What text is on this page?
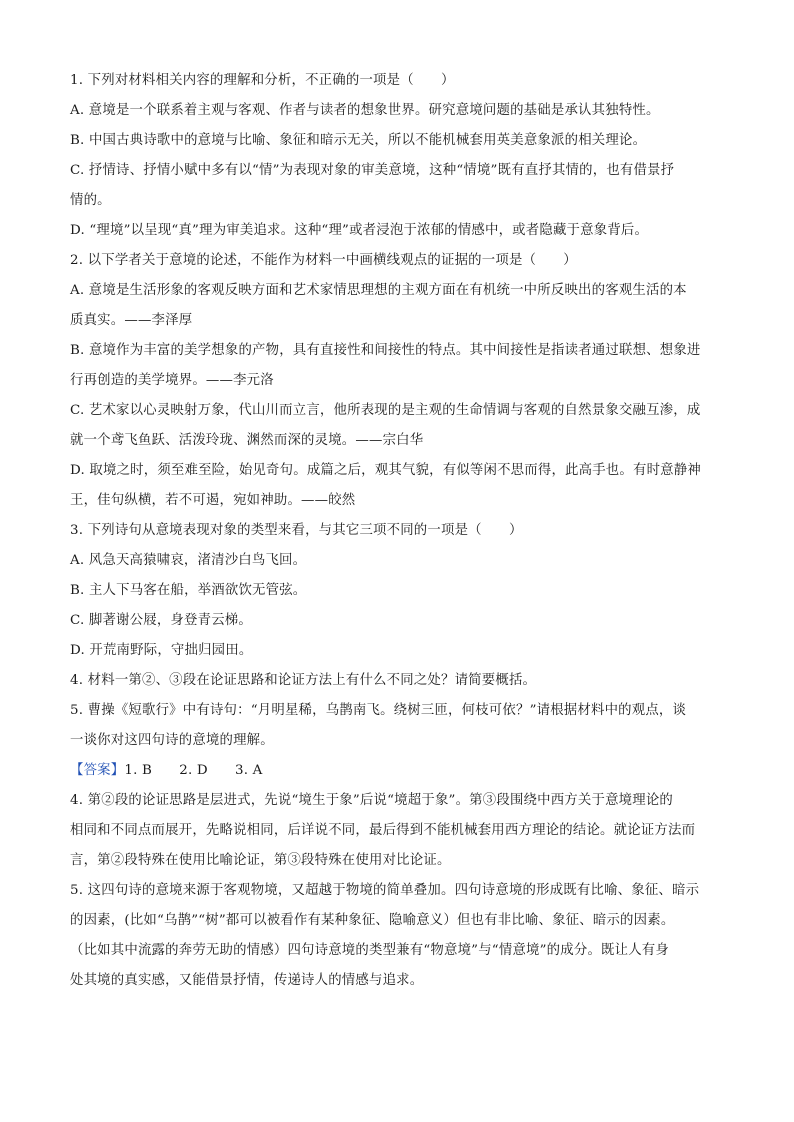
1. 下列对材料相关内容的理解和分析，不正确的一项是（　　）
A. 意境是一个联系着主观与客观、作者与读者的想象世界。研究意境问题的基础是承认其独特性。
B. 中国古典诗歌中的意境与比喻、象征和暗示无关，所以不能机械套用英美意象派的相关理论。
C. 抒情诗、抒情小赋中多有以“情”为表现对象的审美意境，这种“情境”既有直抒其情的，也有借景抒
情的。
D. “理境”以呈现“真”理为审美追求。这种“理”或者浸泡于浓郁的情感中，或者隐藏于意象背后。
2. 以下学者关于意境的论述，不能作为材料一中画横线观点的证据的一项是（　　）
A. 意境是生活形象的客观反映方面和艺术家情思理想的主观方面在有机统一中所反映出的客观生活的本
质真实。——李泽厚
B. 意境作为丰富的美学想象的产物，具有直接性和间接性的特点。其中间接性是指读者通过联想、想象进
行再创造的美学境界。——李元洛
C. 艺术家以心灵映射万象，代山川而立言，他所表现的是主观的生命情调与客观的自然景象交融互渗，成
就一个鸢飞鱼跃、活泼玲珑、渊然而深的灵境。——宗白华
D. 取境之时，须至难至险，始见奇句。成篇之后，观其气貌，有似等闲不思而得，此高手也。有时意静神
王，佳句纵横，若不可遏，宛如神助。——皎然
3. 下列诗句从意境表现对象的类型来看，与其它三项不同的一项是（　　）
A. 风急天高猿啸哀，渚清沙白鸟飞回。
B. 主人下马客在船，举酒欲饮无管弦。
C. 脚著谢公屐，身登青云梯。
D. 开荒南野际，守拙归园田。
4. 材料一第②、③段在论证思路和论证方法上有什么不同之处？请简要概括。
5. 曹操《短歌行》中有诗句：“月明星稀，乌鹊南飞。绕树三匝，何枝可依？”请根据材料中的观点，谈
一谈你对这四句诗的意境的理解。
【答案】1. B　　2. D　　3. A
4. 第②段的论证思路是层进式，先说“境生于象”后说“境超于象”。第③段围绕中西方关于意境理论的
相同和不同点而展开，先略说相同，后详说不同，最后得到不能机械套用西方理论的结论。就论证方法而
言，第②段特殊在使用比喻论证，第③段特殊在使用对比论证。
5. 这四句诗的意境来源于客观物境，又超越于物境的简单叠加。四句诗意境的形成既有比喻、象征、暗示
的因素，(比如“乌鹊”“树”都可以被看作有某种象征、隐喻意义）但也有非比喻、象征、暗示的因素。
（比如其中流露的奔劳无助的情感）四句诗意境的类型兼有“物意境”与“情意境”的成分。既让人有身
处其境的真实感，又能借景抒情，传递诗人的情感与追求。
